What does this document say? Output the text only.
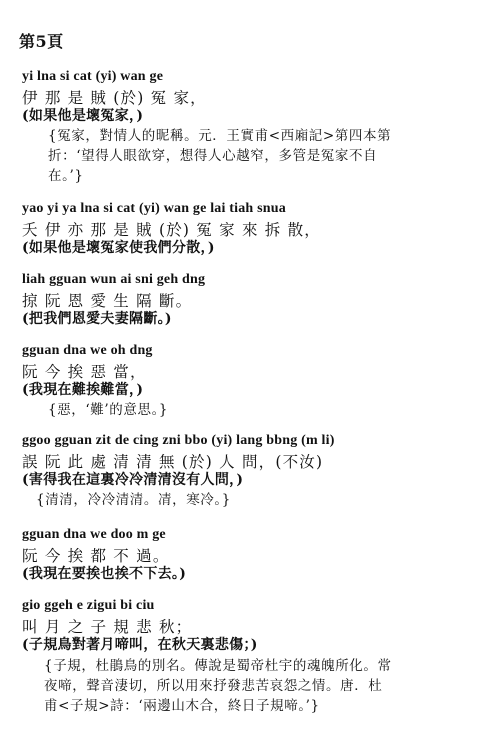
第5頁
yi lna si cat (yi) wan ge
伊 那 是 賊 (於) 冤 家，
(如果他是壞冤家，)
{冤家，對情人的昵稱。元．王實甫<西廂記>第四本第
折：‘望得人眼欲穿，想得人心越窄，多管是冤家不自
在。’}
yao yi ya lna si cat (yi) wan ge lai tiah snua
夭 伊 亦 那 是 賊 (於) 冤 家 來 拆 散，
(如果他是壞冤家使我們分散，)
liah gguan wun ai sni geh dng
掠 阮 恩 愛 生 隔 斷。
(把我們恩愛夫妻隔斷。)
gguan dna we oh dng
阮 今 挨 惡 當，
(我現在難挨難當，)
{惡，‘難’的意思。}
ggoo gguan zit de cing zni bbo (yi) lang bbng (m li)
誤 阮 此 處 清 清 無 (於) 人 問，(不汝)
(害得我在這裏冷冷清清沒有人問，)
{清清，冷冷清清。凊，寒冷。}
gguan dna we doo m ge
阮 今 挨 都 不 過。
(我現在要挨也挨不下去。)
gio ggeh e zigui bi ciu
叫 月 之 子 規 悲 秋；
(子規鳥對著月啼叫，在秋天裏悲傷；)
{子規，杜鵑鳥的別名。傳說是蜀帝杜宇的魂魄所化。常
夜啼，聲音淒切，所以用來抒發悲苦哀怨之情。唐．杜
甫<子規>詩：‘兩邊山木合，終日子規啼。’}
